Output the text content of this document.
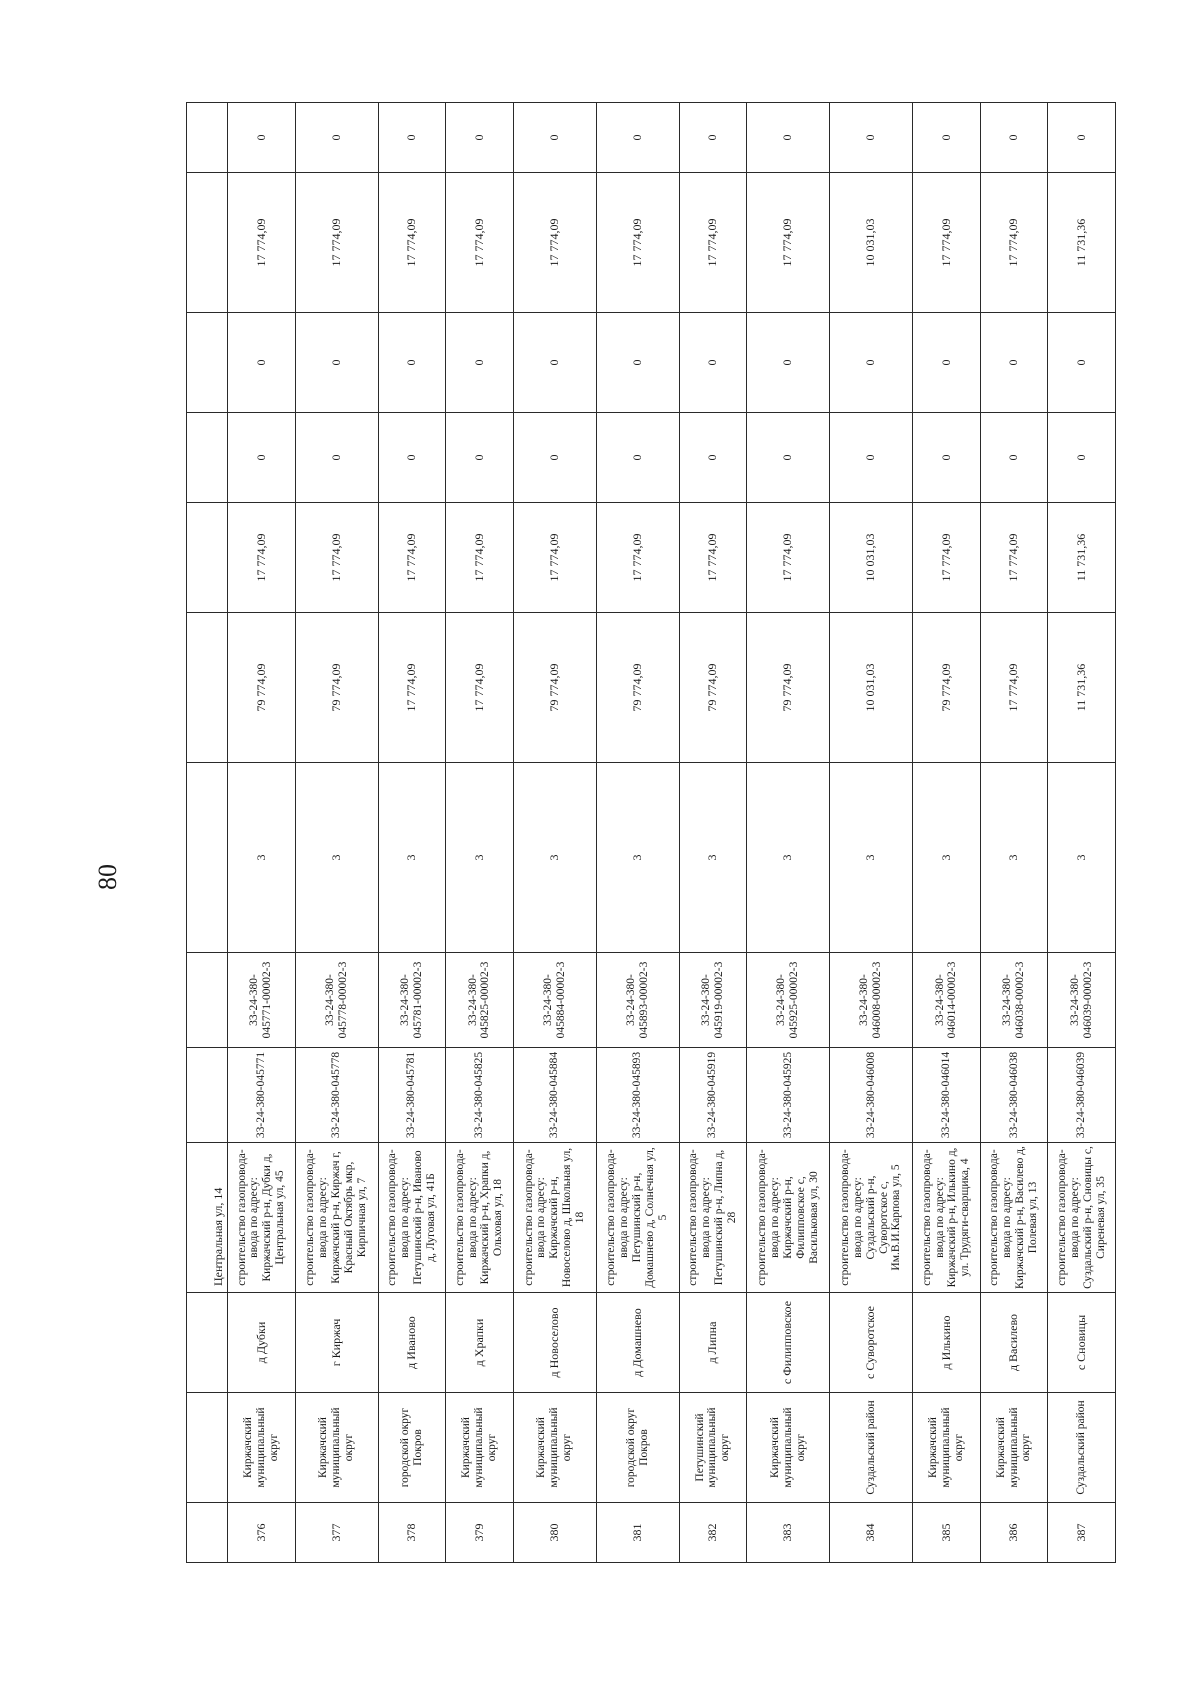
80
			Центральная ул, 14									
376	Киржачский муниципальный округ	д Дубки	строительство газопровода-ввода по адресу: Киржачский р-н, Дубки д, Центральная ул, 45	33-24-380-045771	33-24-380-045771-00002-3	3	79 774,09	17 774,09	0	0	17 774,09	0
377	Киржачский муниципальный округ	г Киржач	строительство газопровода-ввода по адресу: Киржачский р-н, Киржач г, Красный Октябрь мкр, Кирпичная ул, 7	33-24-380-045778	33-24-380-045778-00002-3	3	79 774,09	17 774,09	0	0	17 774,09	0
378	городской округ Покров	д Иваново	строительство газопровода-ввода по адресу: Петушинский р-н, Иваново д, Луговая ул, 41Б	33-24-380-045781	33-24-380-045781-00002-3	3	17 774,09	17 774,09	0	0	17 774,09	0
379	Киржачский муниципальный округ	д Храпки	строительство газопровода-ввода по адресу: Киржачский р-н, Храпки д, Ольховая ул, 18	33-24-380-045825	33-24-380-045825-00002-3	3	17 774,09	17 774,09	0	0	17 774,09	0
380	Киржачский муниципальный округ	д Новоселово	строительство газопровода-ввода по адресу: Киржачский р-н, Новоселово д, Школьная ул, 18	33-24-380-045884	33-24-380-045884-00002-3	3	79 774,09	17 774,09	0	0	17 774,09	0
381	городской округ Покров	д Домашнево	строительство газопровода-ввода по адресу: Петушинский р-н, Домашнево д, Солнечная ул, 5	33-24-380-045893	33-24-380-045893-00002-3	3	79 774,09	17 774,09	0	0	17 774,09	0
382	Петушинский муниципальный округ	д Липна	строительство газопровода-ввода по адресу: Петушинский р-н, Липна д, 28	33-24-380-045919	33-24-380-045919-00002-3	3	79 774,09	17 774,09	0	0	17 774,09	0
383	Киржачский муниципальный округ	с Филипповское	строительство газопровода-ввода по адресу: Киржачский р-н, Филипповское с, Васильковая ул, 30	33-24-380-045925	33-24-380-045925-00002-3	3	79 774,09	17 774,09	0	0	17 774,09	0
384	Суздальский район	с Суворотское	строительство газопровода-ввода по адресу: Суздальский р-н, Суворотское с, Им.В.И.Карпова ул, 5	33-24-380-046008	33-24-380-046008-00002-3	3	10 031,03	10 031,03	0	0	10 031,03	0
385	Киржачский муниципальный округ	д Илькино	строительство газопровода-ввода по адресу: Киржачский р-н, Илькино д, ул. Трудяги-сварщика, 4	33-24-380-046014	33-24-380-046014-00002-3	3	79 774,09	17 774,09	0	0	17 774,09	0
386	Киржачский муниципальный округ	д Василево	строительство газопровода-ввода по адресу: Киржачский р-н, Василево д, Полевая ул, 13	33-24-380-046038	33-24-380-046038-00002-3	3	17 774,09	17 774,09	0	0	17 774,09	0
387	Суздальский район	с Сновицы	строительство газопровода-ввода по адресу: Суздальский р-н, Сновицы с, Сиреневая ул, 35	33-24-380-046039	33-24-380-046039-00002-3	3	11 731,36	11 731,36	0	0	11 731,36	0
